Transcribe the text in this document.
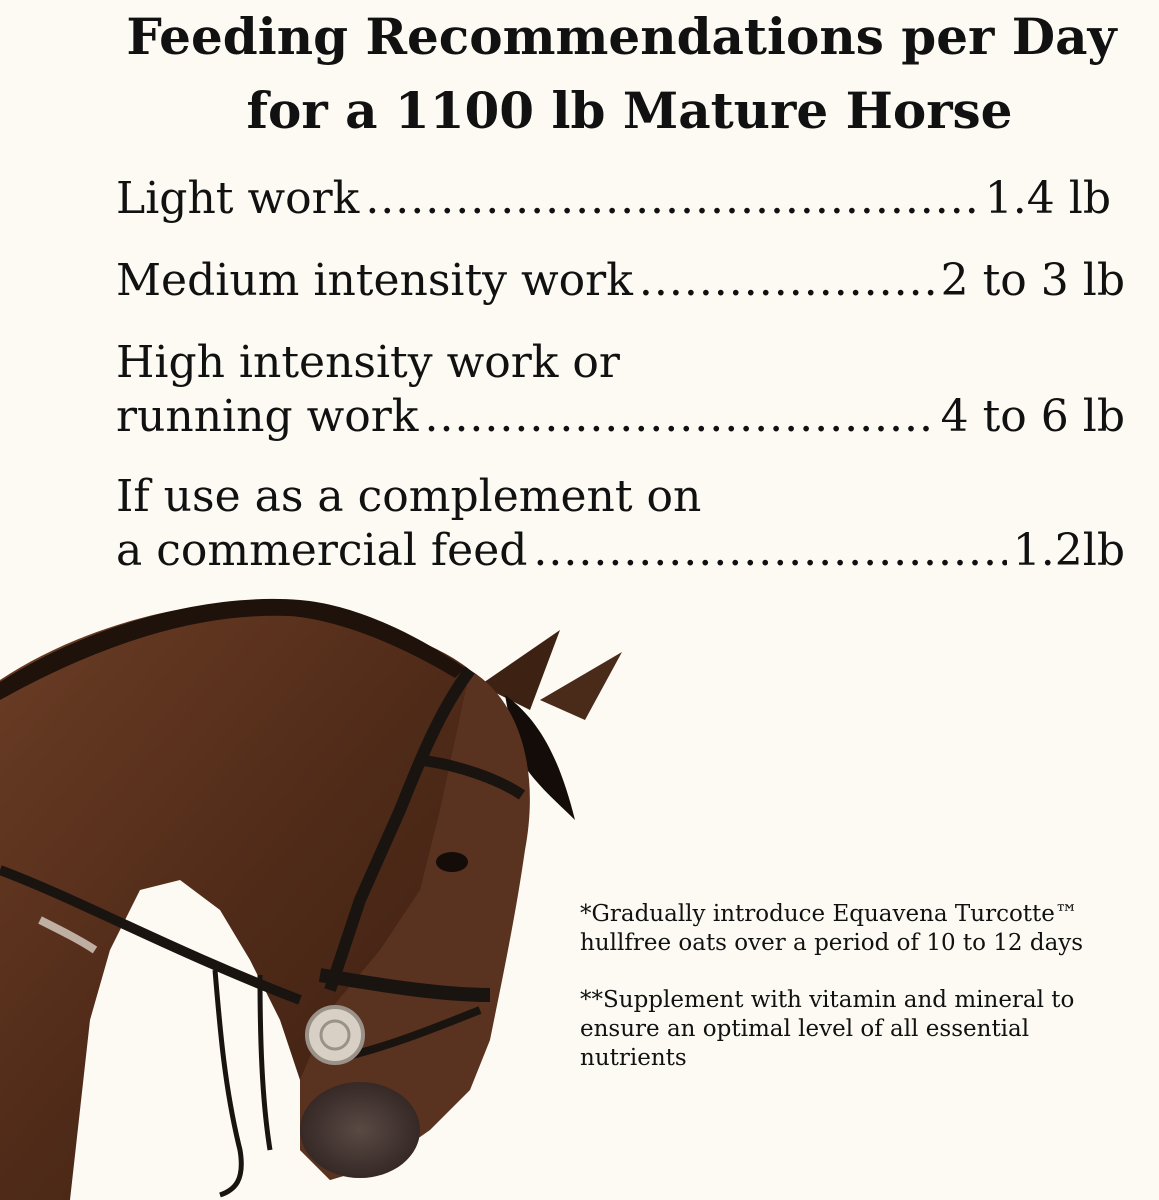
Feeding Recommendations per Day
for a 1100 lb Mature Horse
Light work .....	1.4 lb
Medium intensity work .....	2 to 3 lb
High intensity work or
running work .....	4 to 6 lb
If use as a complement on
a commercial feed .....	1.2lb

*Gradually introduce Equavena Turcotte™ hullfree oats over a period of 10 to 12 days

**Supplement with vitamin and mineral to ensure an optimal level of all essential nutrients
